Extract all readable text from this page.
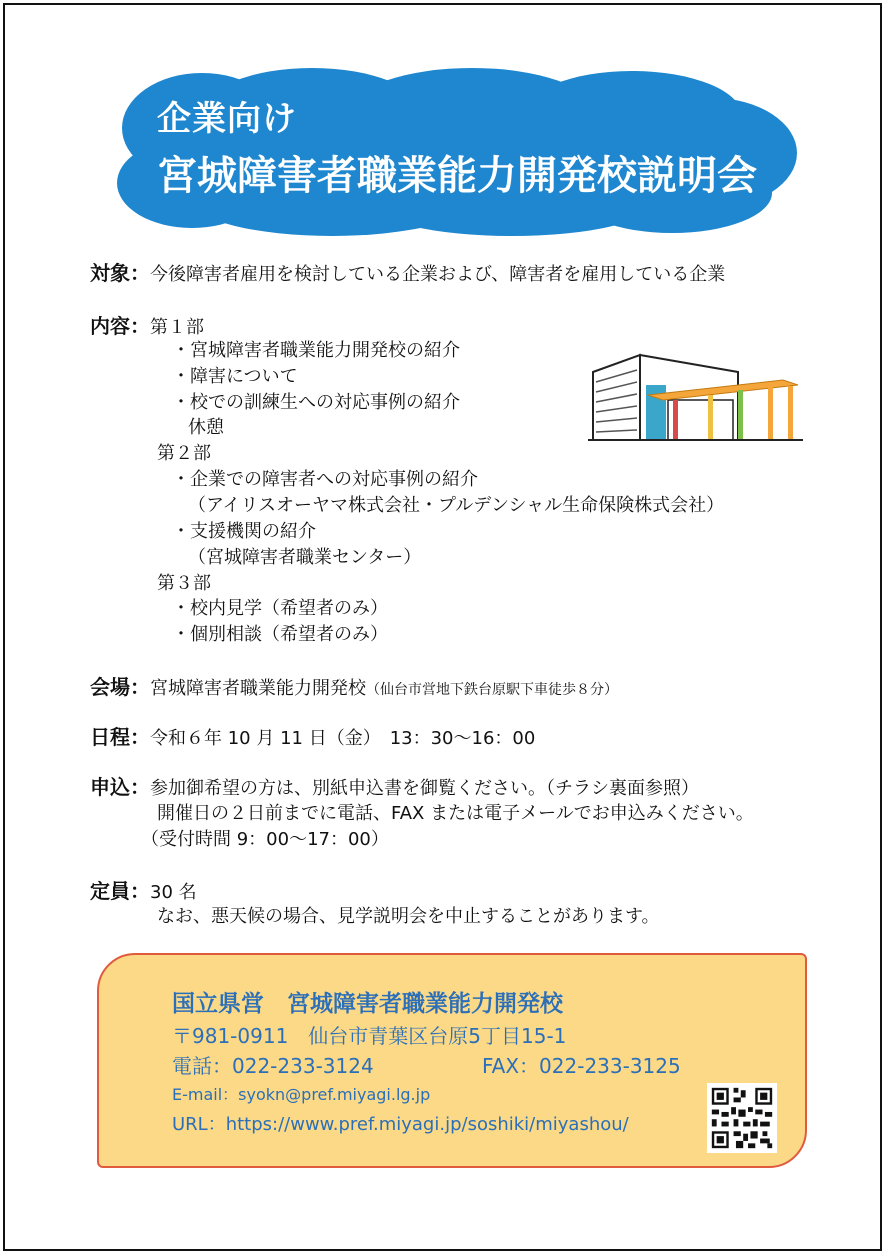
企業向け
宮城障害者職業能力開発校説明会
対象：今後障害者雇用を検討している企業および、障害者を雇用している企業
内容：第１部
・宮城障害者職業能力開発校の紹介
・障害について
・校での訓練生への対応事例の紹介
休憩
第２部
・企業での障害者への対応事例の紹介
（アイリスオーヤマ株式会社・プルデンシャル生命保険株式会社）
・支援機関の紹介
（宮城障害者職業センター）
第３部
・校内見学（希望者のみ）
・個別相談（希望者のみ）
会場：宮城障害者職業能力開発校（仙台市営地下鉄台原駅下車徒歩８分）
日程：令和６年 10 月 11 日（金）　13：30～16：00
申込：参加御希望の方は、別紙申込書を御覧ください。（チラシ裏面参照）
開催日の２日前までに電話、FAX または電子メールでお申込みください。
（受付時間 9：00～17：00）
定員：30 名
なお、悪天候の場合、見学説明会を中止することがあります。
国立県営　宮城障害者職業能力開発校
〒981-0911　仙台市青葉区台原5丁目15-1
電話：022-233-3124	FAX：022-233-3125
E-mail：syokn@pref.miyagi.lg.jp
URL：https://www.pref.miyagi.jp/soshiki/miyashou/
